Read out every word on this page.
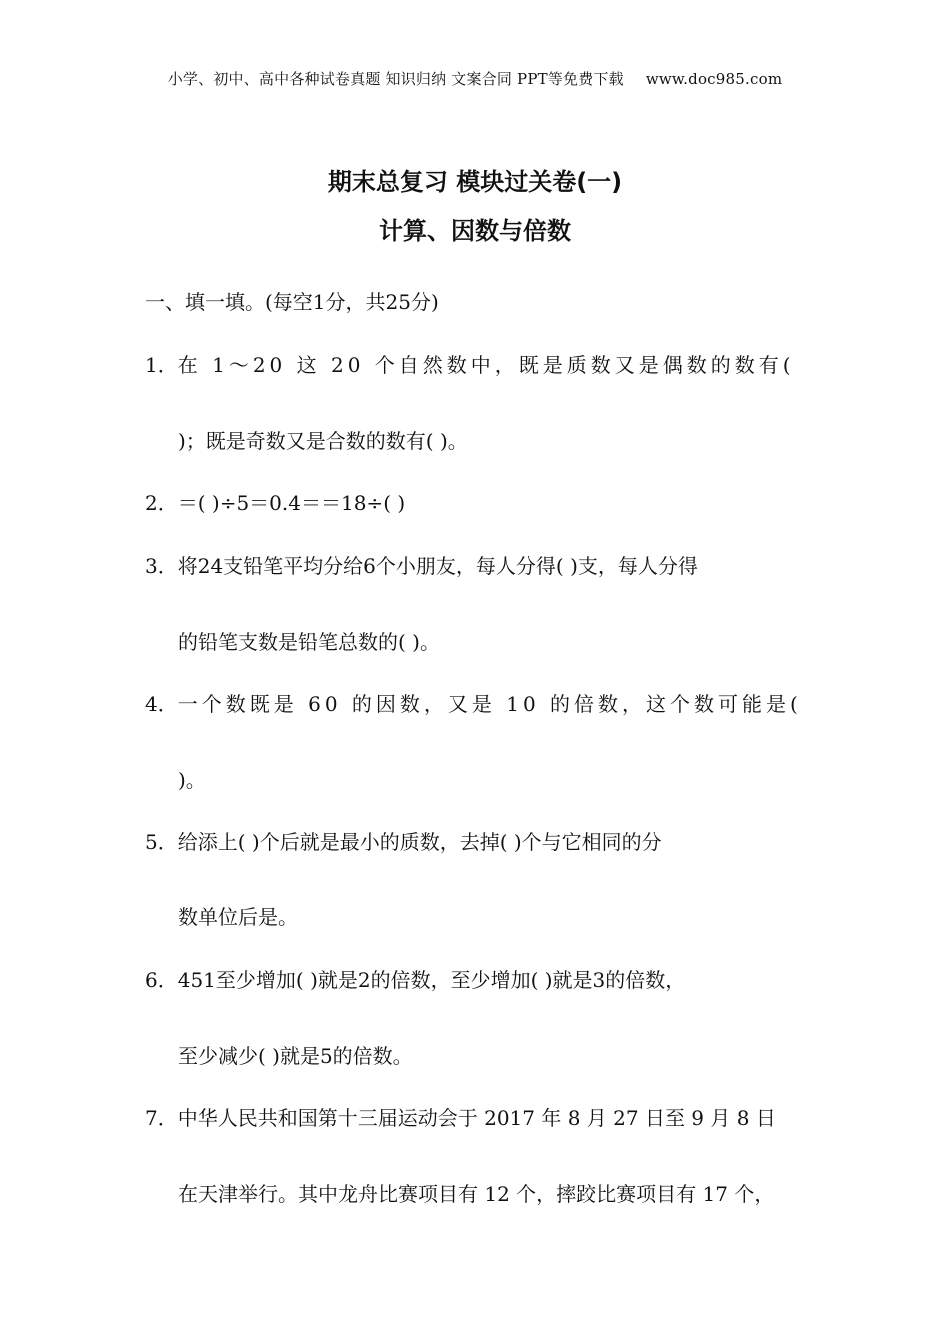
小学、初中、高中各种试卷真题 知识归纳 文案合同 PPT等免费下载 www.doc985.com
期末总复习 模块过关卷(一)
计算、因数与倍数
一、填一填。(每空1分，共25分)
1．在 1～20 这 20 个自然数中，既是质数又是偶数的数有(
)；既是奇数又是合数的数有( )。
2．＝( )÷5＝0.4＝＝18÷( )
3．将24支铅笔平均分给6个小朋友，每人分得( )支，每人分得
的铅笔支数是铅笔总数的( )。
4．一个数既是 60 的因数，又是 10 的倍数，这个数可能是(
)。
5．给添上( )个后就是最小的质数，去掉( )个与它相同的分
数单位后是。
6．451至少增加( )就是2的倍数，至少增加( )就是3的倍数，
至少减少( )就是5的倍数。
7．中华人民共和国第十三届运动会于 2017 年 8 月 27 日至 9 月 8 日
在天津举行。其中龙舟比赛项目有 12 个，摔跤比赛项目有 17 个，
